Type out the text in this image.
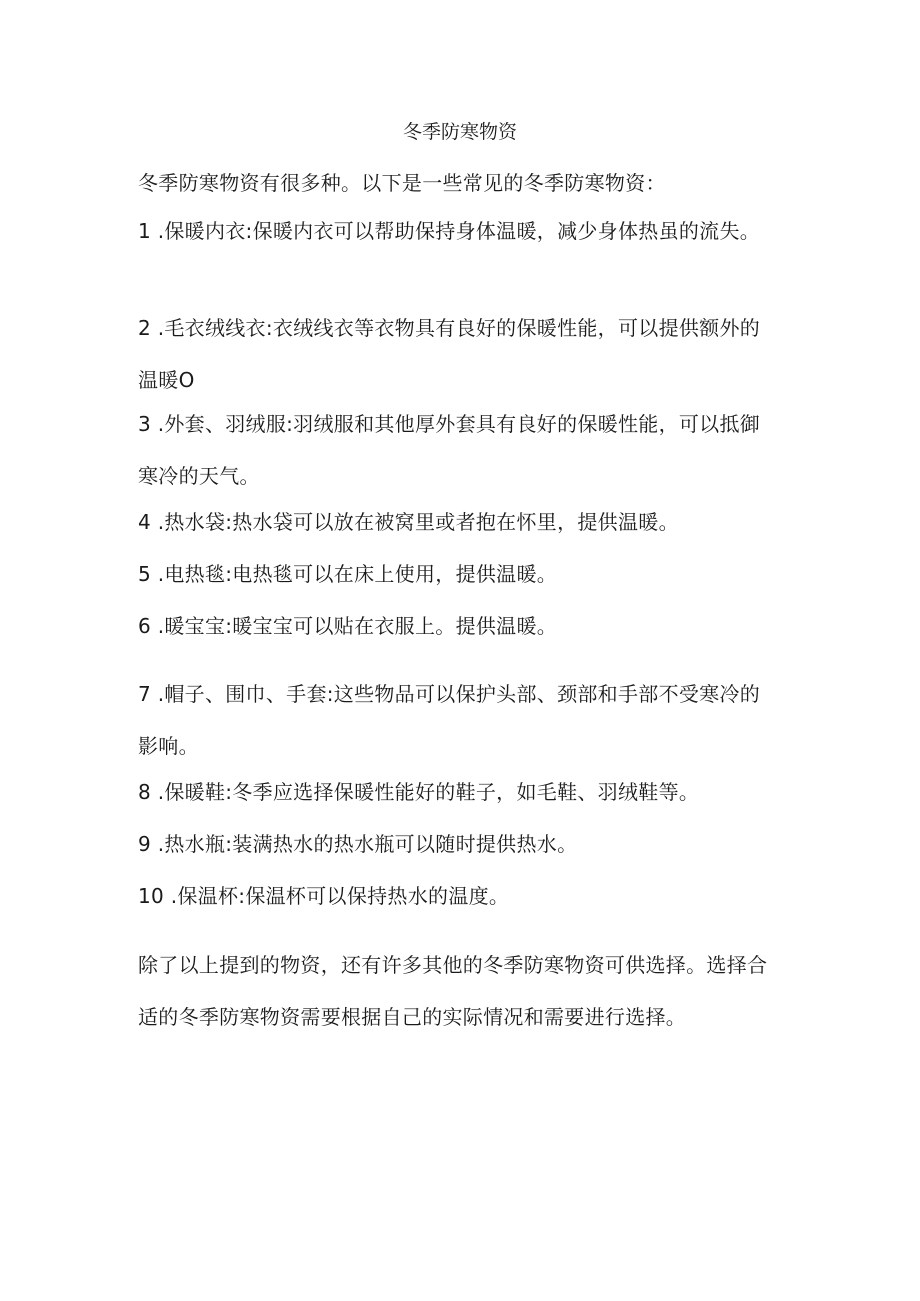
冬季防寒物资
冬季防寒物资有很多种。以下是一些常见的冬季防寒物资：
1 .保暖内衣:保暖内衣可以帮助保持身体温暖，减少身体热虽的流失。
2 .毛衣绒线衣:衣绒线衣等衣物具有良好的保暖性能，可以提供额外的温暖O
3 .外套、羽绒服:羽绒服和其他厚外套具有良好的保暖性能，可以抵御寒冷的天气。
4 .热水袋:热水袋可以放在被窝里或者抱在怀里，提供温暖。
5 .电热毯:电热毯可以在床上使用，提供温暖。
6 .暖宝宝:暖宝宝可以贴在衣服上。提供温暖。
7 .帽子、围巾、手套:这些物品可以保护头部、颈部和手部不受寒冷的影响。
8 .保暖鞋:冬季应选择保暖性能好的鞋子，如毛鞋、羽绒鞋等。
9 .热水瓶:装满热水的热水瓶可以随时提供热水。
10 .保温杯:保温杯可以保持热水的温度。
除了以上提到的物资，还有许多其他的冬季防寒物资可供选择。选择合适的冬季防寒物资需要根据自己的实际情况和需要进行选择。
